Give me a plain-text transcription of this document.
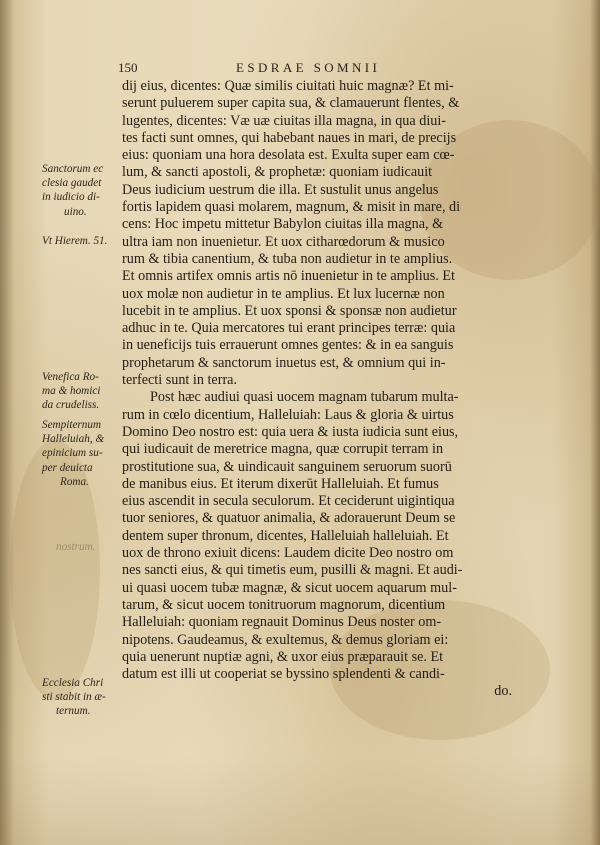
150	ESDRAE SOMNII
dij eius, dicentes: Quæ similis ciuitati huic magnæ? Et mi-
serunt puluerem super capita sua, & clamauerunt flentes, &
lugentes, dicentes: Væ uæ ciuitas illa magna, in qua diui-
tes facti sunt omnes, qui habebant naues in mari, de precijs
eius: quoniam una hora desolata est. Exulta super eam cœ-
lum, & sancti apostoli, & prophetæ: quoniam iudicauit
Deus iudicium uestrum die illa. Et sustulit unus angelus
fortis lapidem quasi molarem, magnum, & misit in mare, di
cens: Hoc impetu mittetur Babylon ciuitas illa magna, &
ultra iam non inuenietur. Et uox citharœdorum & musico
rum & tibia canentium, & tuba non audietur in te amplius.
Et omnis artifex omnis artis nō inuenietur in te amplius. Et
uox molæ non audietur in te amplius. Et lux lucernæ non
lucebit in te amplius. Et uox sponsi & sponsæ non audietur
adhuc in te. Quia mercatores tui erant principes terræ: quia
in ueneficijs tuis errauerunt omnes gentes: & in ea sanguis
prophetarum & sanctorum inuetus est, & omnium qui in-
terfecti sunt in terra.
Post hæc audiui quasi uocem magnam tubarum multa-
rum in cœlo dicentium, Halleluiah: Laus & gloria & uirtus
Domino Deo nostro est: quia uera & iusta iudicia sunt eius,
qui iudicauit de meretrice magna, quæ corrupit terram in
prostitutione sua, & uindicauit sanguinem seruorum suorū
de manibus eius. Et iterum dixerūt Halleluiah. Et fumus
eius ascendit in secula seculorum. Et ceciderunt uigintiqua
tuor seniores, & quatuor animalia, & adorauerunt Deum se
dentem super thronum, dicentes, Halleluiah halleluiah. Et
uox de throno exiuit dicens: Laudem dicite Deo nostro om
nes sancti eius, & qui timetis eum, pusilli & magni. Et audi-
ui quasi uocem tubæ magnæ, & sicut uocem aquarum mul-
tarum, & sicut uocem tonitruorum magnorum, dicentium
Halleluiah: quoniam regnauit Dominus Deus noster om-
nipotens. Gaudeamus, & exultemus, & demus gloriam ei:
quia uenerunt nuptiæ agni, & uxor eius præparauit se. Et
datum est illi ut cooperiat se byssino splendenti & candi-
do.
Sanctorum ec
clesia gaudet
in iudicio di-
uino.
Vt Hierem. 51.
Venefica Ro-
ma & homici
da crudeliss.
Sempiternum
Halleluiah, &
epinicium su-
per deuicta
Roma.
nostrum.
Ecclesia Chri
sti stabit in æ-
ternum.
